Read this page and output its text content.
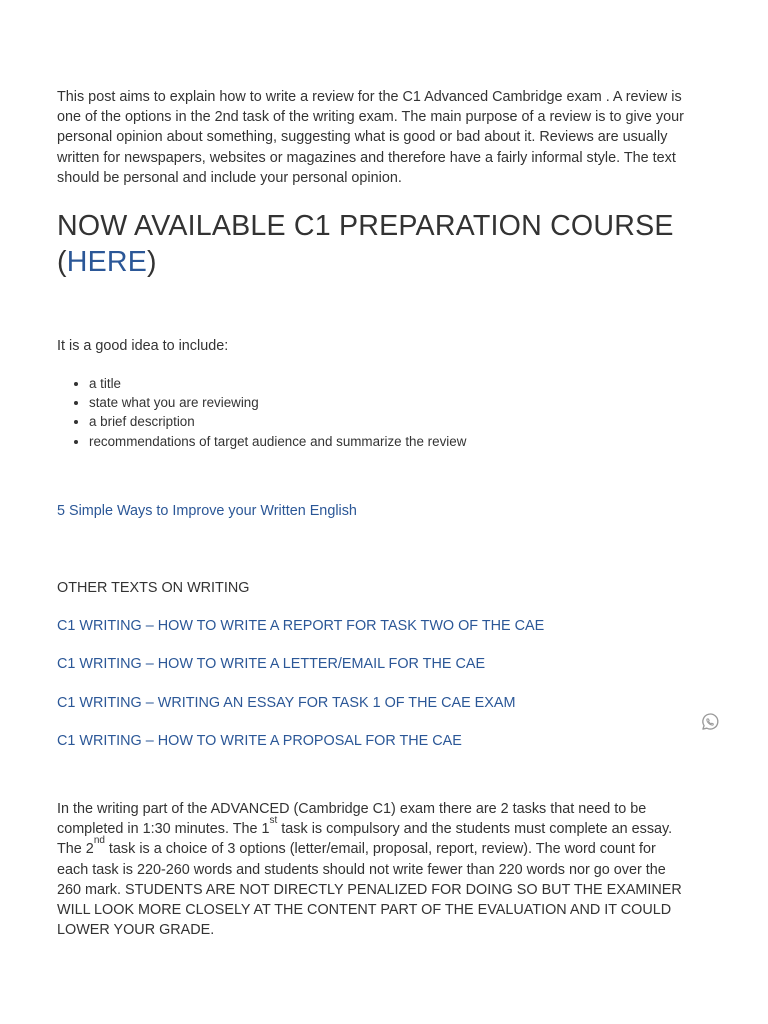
This post aims to explain how to write a review for the C1 Advanced Cambridge exam . A review is one of the options in the 2nd task of the writing exam. The main purpose of a review is to give your personal opinion about something, suggesting what is good or bad about it. Reviews are usually written for newspapers, websites or magazines and therefore have a fairly informal style. The text should be personal and include your personal opinion.

NOW AVAILABLE C1 PREPARATION COURSE
(HERE)

It is a good idea to include:

• a title
• state what you are reviewing
• a brief description
• recommendations of target audience and summarize the review
5 Simple Ways to Improve your Written English

OTHER TEXTS ON WRITING

C1 WRITING – HOW TO WRITE A REPORT FOR TASK TWO OF THE CAE
C1 WRITING – HOW TO WRITE A LETTER/EMAIL FOR THE CAE
C1 WRITING – WRITING AN ESSAY FOR TASK 1 OF THE CAE EXAM
C1 WRITING – HOW TO WRITE A PROPOSAL FOR THE CAE

In the writing part of the ADVANCED (Cambridge C1) exam there are 2 tasks that need to be completed in 1:30 minutes. The 1st task is compulsory and the students must complete an essay. The 2nd task is a choice of 3 options (letter/email, proposal, report, review). The word count for each task is 220-260 words and students should not write fewer than 220 words nor go over the 260 mark. STUDENTS ARE NOT DIRECTLY PENALIZED FOR DOING SO BUT THE EXAMINER WILL LOOK MORE CLOSELY AT THE CONTENT PART OF THE EVALUATION AND IT COULD LOWER YOUR GRADE.
